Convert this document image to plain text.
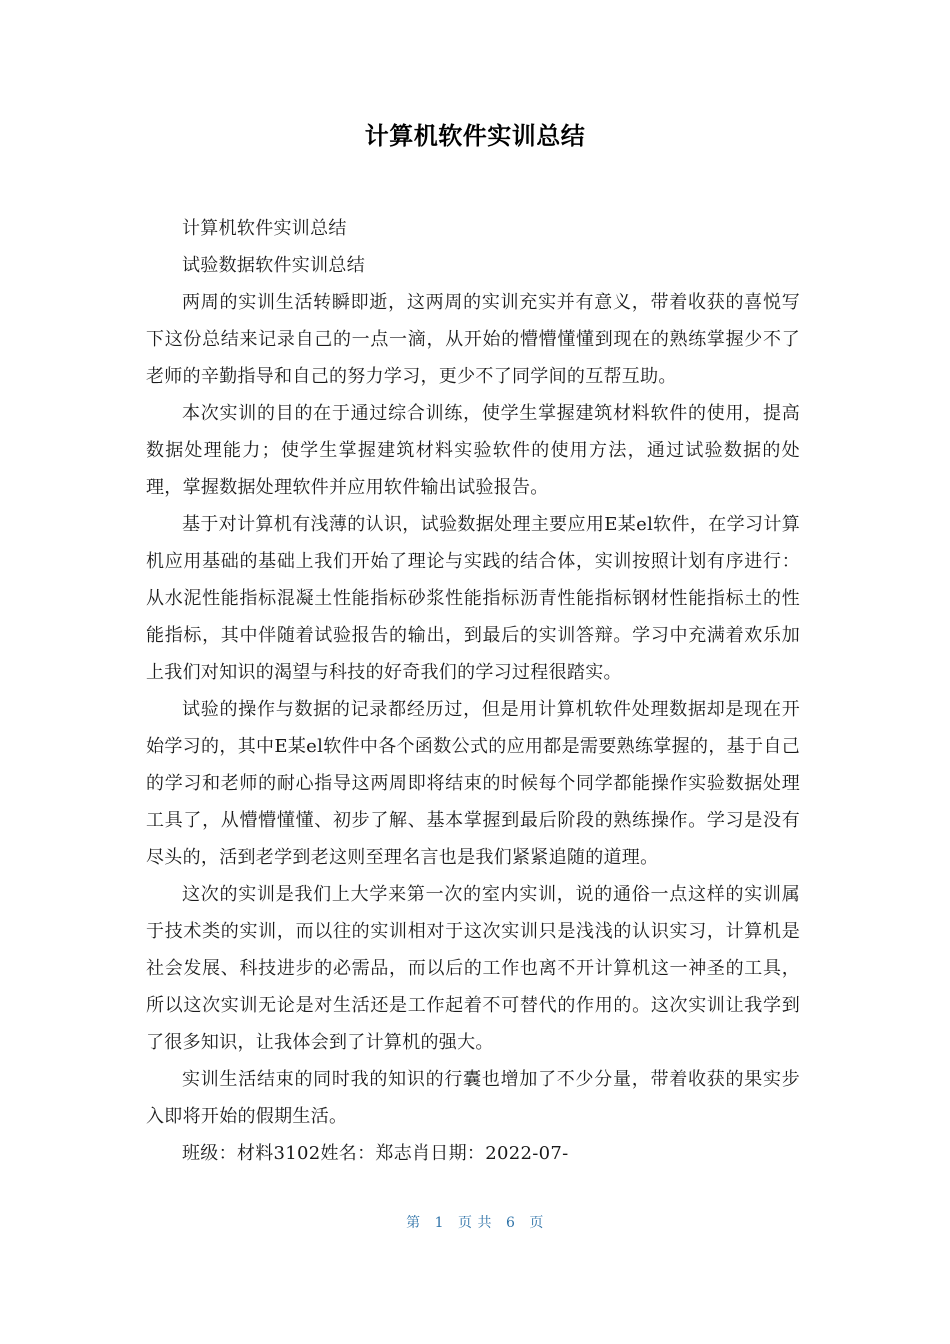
计算机软件实训总结

计算机软件实训总结

试验数据软件实训总结

两周的实训生活转瞬即逝，这两周的实训充实并有意义，带着收获的喜悦写下这份总结来记录自己的一点一滴，从开始的懵懵懂懂到现在的熟练掌握少不了老师的辛勤指导和自己的努力学习，更少不了同学间的互帮互助。

本次实训的目的在于通过综合训练，使学生掌握建筑材料软件的使用，提高数据处理能力；使学生掌握建筑材料实验软件的使用方法，通过试验数据的处理，掌握数据处理软件并应用软件输出试验报告。

基于对计算机有浅薄的认识，试验数据处理主要应用E某el软件，在学习计算机应用基础的基础上我们开始了理论与实践的结合体，实训按照计划有序进行：从水泥性能指标混凝土性能指标砂浆性能指标沥青性能指标钢材性能指标土的性能指标，其中伴随着试验报告的输出，到最后的实训答辩。学习中充满着欢乐加上我们对知识的渴望与科技的好奇我们的学习过程很踏实。

试验的操作与数据的记录都经历过，但是用计算机软件处理数据却是现在开始学习的，其中E某el软件中各个函数公式的应用都是需要熟练掌握的，基于自己的学习和老师的耐心指导这两周即将结束的时候每个同学都能操作实验数据处理工具了，从懵懵懂懂、初步了解、基本掌握到最后阶段的熟练操作。学习是没有尽头的，活到老学到老这则至理名言也是我们紧紧追随的道理。

这次的实训是我们上大学来第一次的室内实训，说的通俗一点这样的实训属于技术类的实训，而以往的实训相对于这次实训只是浅浅的认识实习，计算机是社会发展、科技进步的必需品，而以后的工作也离不开计算机这一神圣的工具，所以这次实训无论是对生活还是工作起着不可替代的作用的。这次实训让我学到了很多知识，让我体会到了计算机的强大。

实训生活结束的同时我的知识的行囊也增加了不少分量，带着收获的果实步入即将开始的假期生活。

班级：材料3102姓名：郑志肖日期：2022-07-

第 1 页 共 6 页
